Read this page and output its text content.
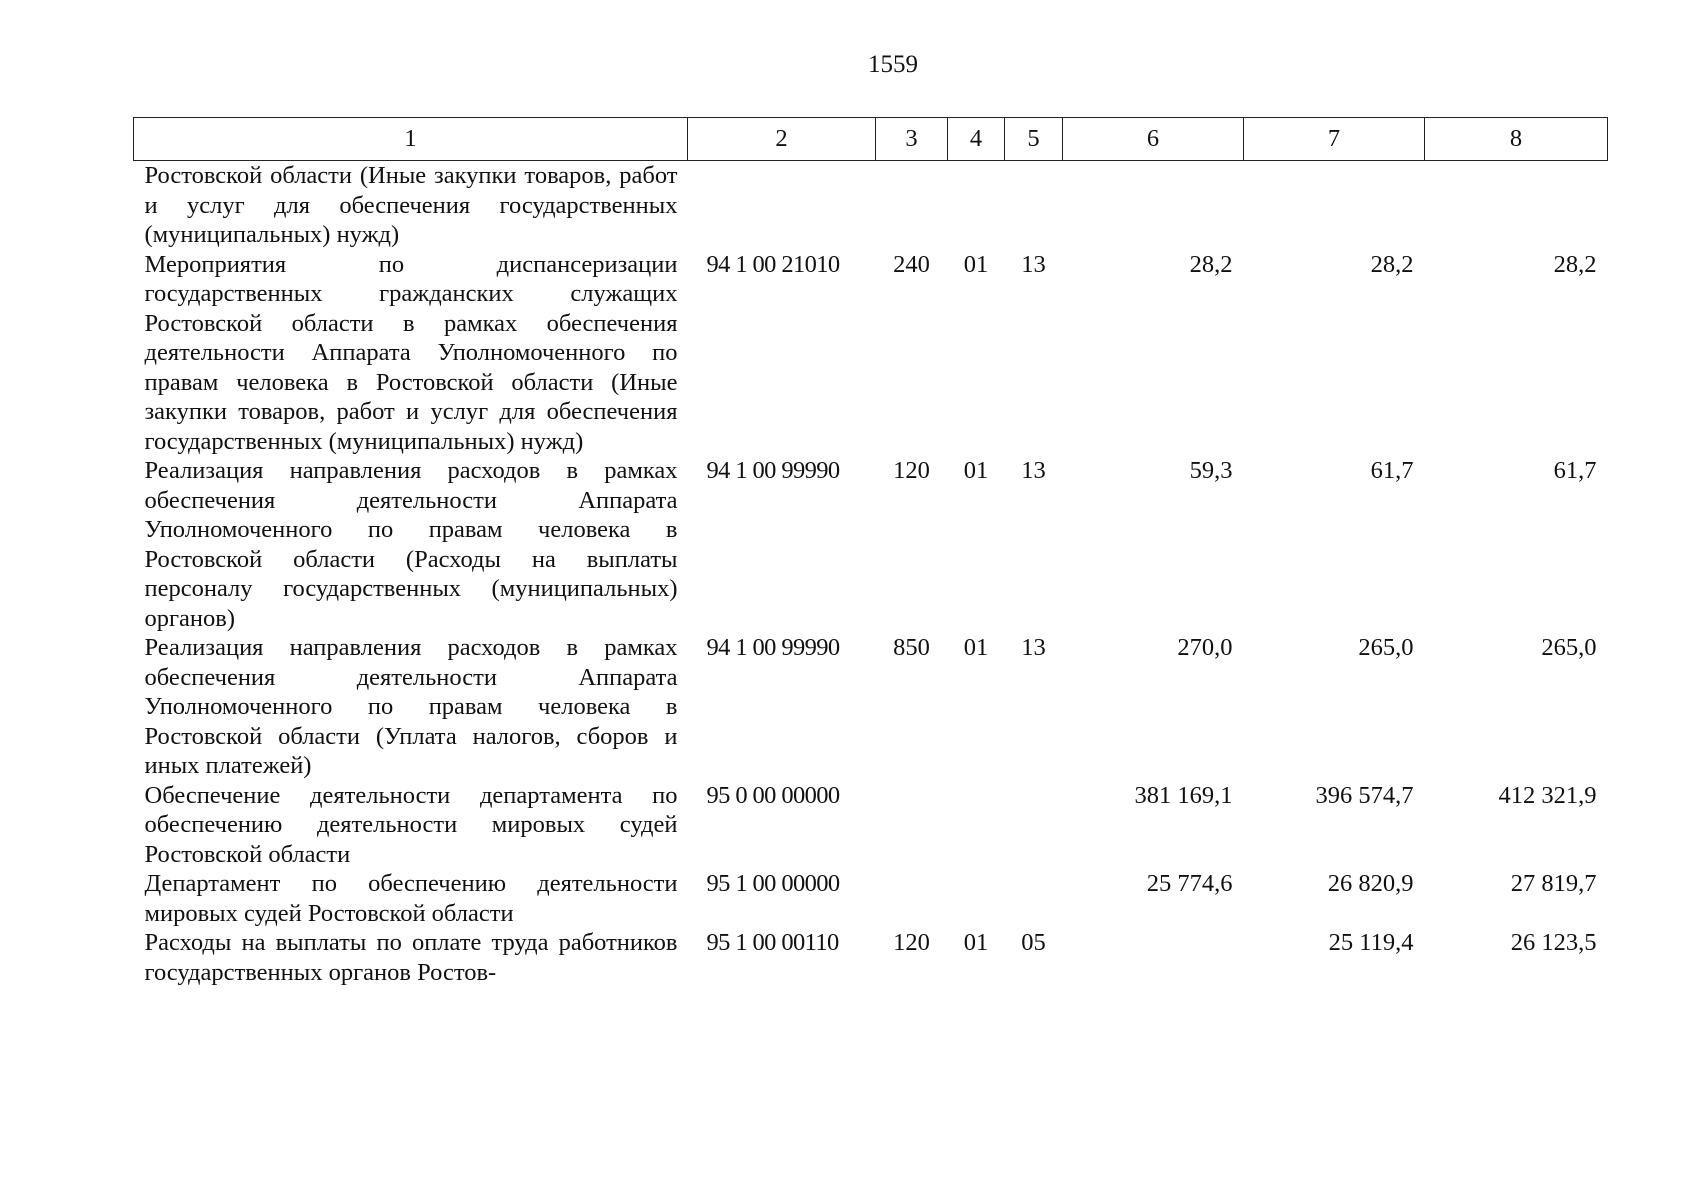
1559
1	2	3	4	5	6	7	8
Ростовской области (Иные закупки товаров, работ и услуг для обеспечения государственных (муниципальных) нужд)							
Мероприятия по диспансеризации государственных гражданских служащих Ростовской области в рамках обеспечения деятельности Аппарата Уполномоченного по правам человека в Ростовской области (Иные закупки товаров, работ и услуг для обеспечения государственных (муниципальных) нужд)	94 1 00 21010	240	01	13	28,2	28,2	28,2
Реализация направления расходов в рамках обеспечения деятельности Аппарата Уполномоченного по правам человека в Ростовской области (Расходы на выплаты персоналу государственных (муниципальных) органов)	94 1 00 99990	120	01	13	59,3	61,7	61,7
Реализация направления расходов в рамках обеспечения деятельности Аппарата Уполномоченного по правам человека в Ростовской области (Уплата налогов, сборов и иных платежей)	94 1 00 99990	850	01	13	270,0	265,0	265,0
Обеспечение деятельности департамента по обеспечению деятельности мировых судей Ростовской области	95 0 00 00000				381 169,1	396 574,7	412 321,9
Департамент по обеспечению деятельности мировых судей Ростовской области	95 1 00 00000				25 774,6	26 820,9	27 819,7
Расходы на выплаты по оплате труда работников государственных органов Ростов-	95 1 00 00110	120	01	05		25 119,4	26 123,5
